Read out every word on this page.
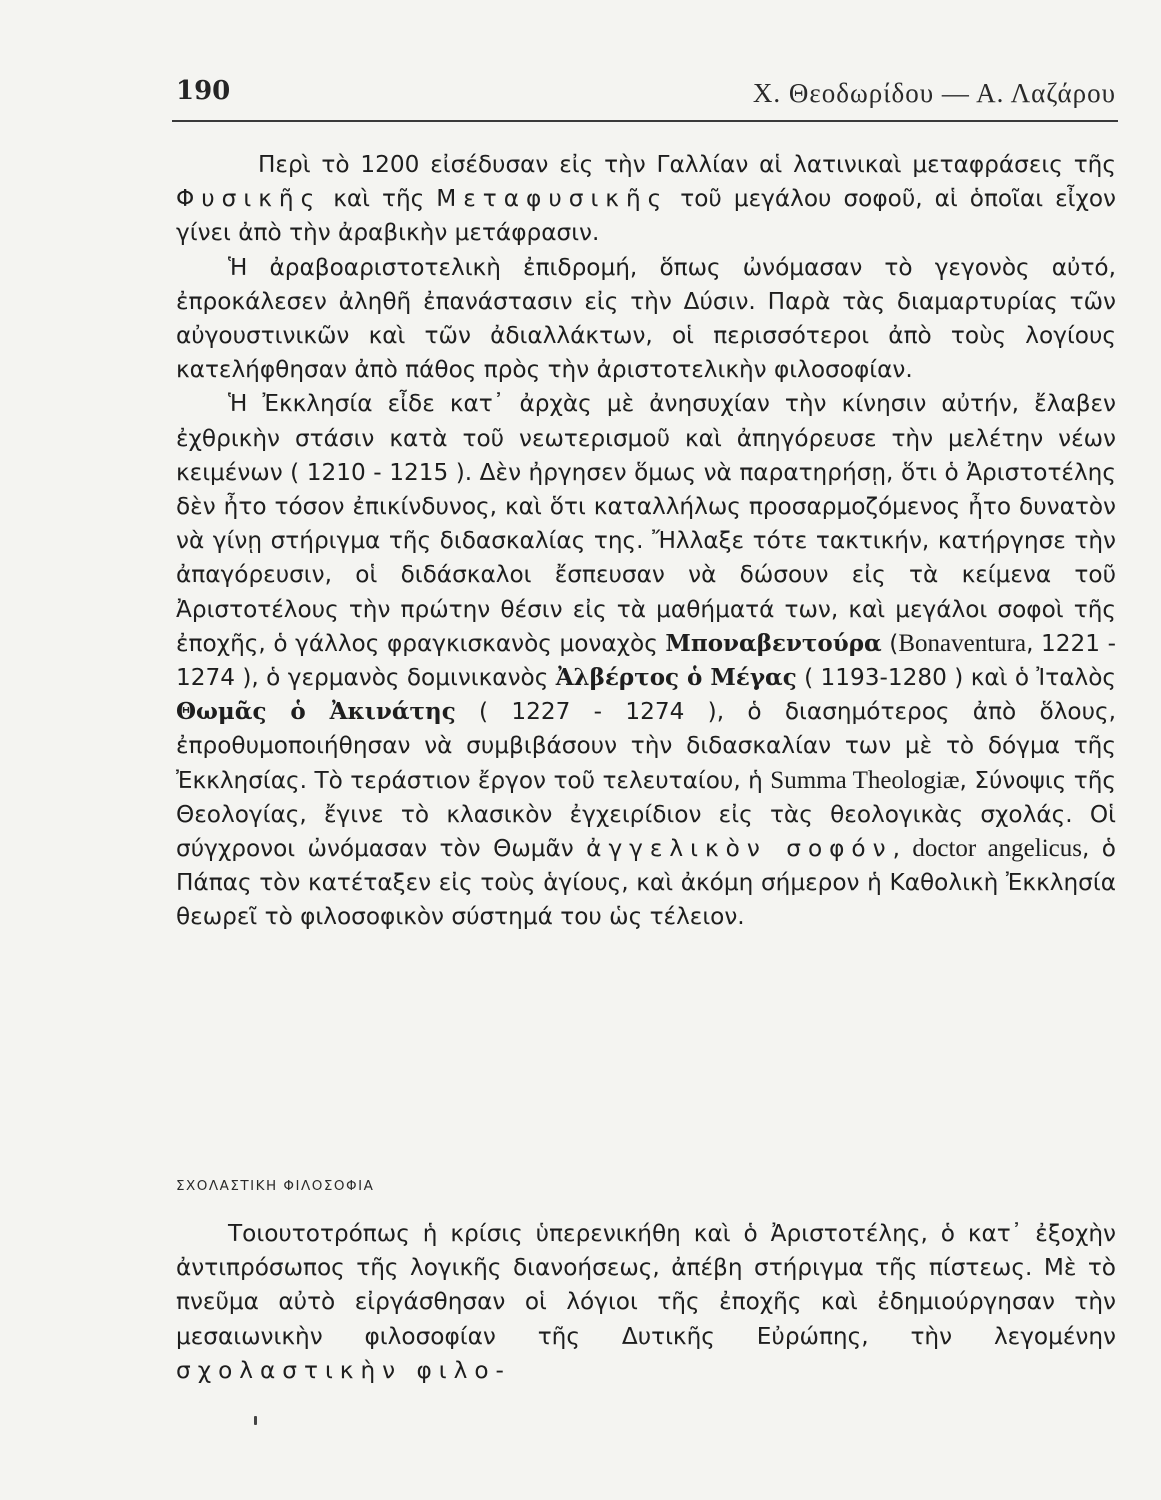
190	Χ. Θεοδωρίδου — Α. Λαζάρου

Περὶ τὸ 1200 εἰσέδυσαν εἰς τὴν Γαλλίαν αἱ λατινικαὶ μεταφράσεις τῆς Φυσικῆς καὶ τῆς Μεταφυσικῆς τοῦ μεγάλου σοφοῦ, αἱ ὁποῖαι εἶχον γίνει ἀπὸ τὴν ἀραβικὴν μετάφρασιν.

Ἡ ἀραβοαριστοτελικὴ ἐπιδρομή, ὅπως ὠνόμασαν τὸ γεγονὸς αὐτό, ἐπροκάλεσεν ἀληθῆ ἐπανάστασιν εἰς τὴν Δύσιν. Παρὰ τὰς διαμαρτυρίας τῶν αὐγουστινικῶν καὶ τῶν ἀδιαλλάκτων, οἱ περισσότεροι ἀπὸ τοὺς λογίους κατελήφθησαν ἀπὸ πάθος πρὸς τὴν ἀριστοτελικὴν φιλοσοφίαν.

Ἡ Ἐκκλησία εἶδε κατ᾽ ἀρχὰς μὲ ἀνησυχίαν τὴν κίνησιν αὐτήν, ἔλαβεν ἐχθρικὴν στάσιν κατὰ τοῦ νεωτερισμοῦ καὶ ἀπηγόρευσε τὴν μελέτην νέων κειμένων ( 1210 - 1215 ). Δὲν ἠργησεν ὅμως νὰ παρατηρήσῃ, ὅτι ὁ Ἀριστοτέλης δὲν ἦτο τόσον ἐπικίνδυνος, καὶ ὅτι καταλλήλως προσαρμοζόμενος ἦτο δυνατὸν νὰ γίνῃ στήριγμα τῆς διδασκαλίας της. Ἤλλαξε τότε τακτικήν, κατήργησε τὴν ἀπαγόρευσιν, οἱ διδάσκαλοι ἔσπευσαν νὰ δώσουν εἰς τὰ κείμενα τοῦ Ἀριστοτέλους τὴν πρώτην θέσιν εἰς τὰ μαθήματά των, καὶ μεγάλοι σοφοὶ τῆς ἐποχῆς, ὁ γάλλος φραγκισκανὸς μοναχὸς Μποναβεντούρα (Bonaventura, 1221 - 1274 ), ὁ γερμανὸς δομινικανὸς Ἀλβέρτος ὁ Μέγας ( 1193-1280 ) καὶ ὁ Ἰταλὸς Θωμᾶς ὁ Ἀκινάτης ( 1227 - 1274 ), ὁ διασημότερος ἀπὸ ὅλους, ἐπροθυμοποιήθησαν νὰ συμβιβάσουν τὴν διδασκαλίαν των μὲ τὸ δόγμα τῆς Ἐκκλησίας. Τὸ τεράστιον ἔργον τοῦ τελευταίου, ἡ Summa Theologiæ, Σύνοψις τῆς Θεολογίας, ἔγινε τὸ κλασικὸν ἐγχειρίδιον εἰς τὰς θεολογικὰς σχολάς. Οἱ σύγχρονοι ὠνόμασαν τὸν Θωμᾶν ἀγγελικὸν σοφόν, doctor angelicus, ὁ Πάπας τὸν κατέταξεν εἰς τοὺς ἁγίους, καὶ ἀκόμη σήμερον ἡ Καθολικὴ Ἐκκλησία θεωρεῖ τὸ φιλοσοφικὸν σύστημά του ὡς τέλειον.

ΣΧΟΛΑΣΤΙΚΗ ΦΙΛΟΣΟΦΙΑ

Τοιουτοτρόπως ἡ κρίσις ὑπερενικήθη καὶ ὁ Ἀριστοτέλης, ὁ κατ᾽ ἐξοχὴν ἀντιπρόσωπος τῆς λογικῆς διανοήσεως, ἀπέβη στήριγμα τῆς πίστεως. Μὲ τὸ πνεῦμα αὐτὸ εἰργάσθησαν οἱ λόγιοι τῆς ἐποχῆς καὶ ἐδημιούργησαν τὴν μεσαιωνικὴν φιλοσοφίαν τῆς Δυτικῆς Εὐρώπης, τὴν λεγομένην σχολαστικὴν φιλο-
